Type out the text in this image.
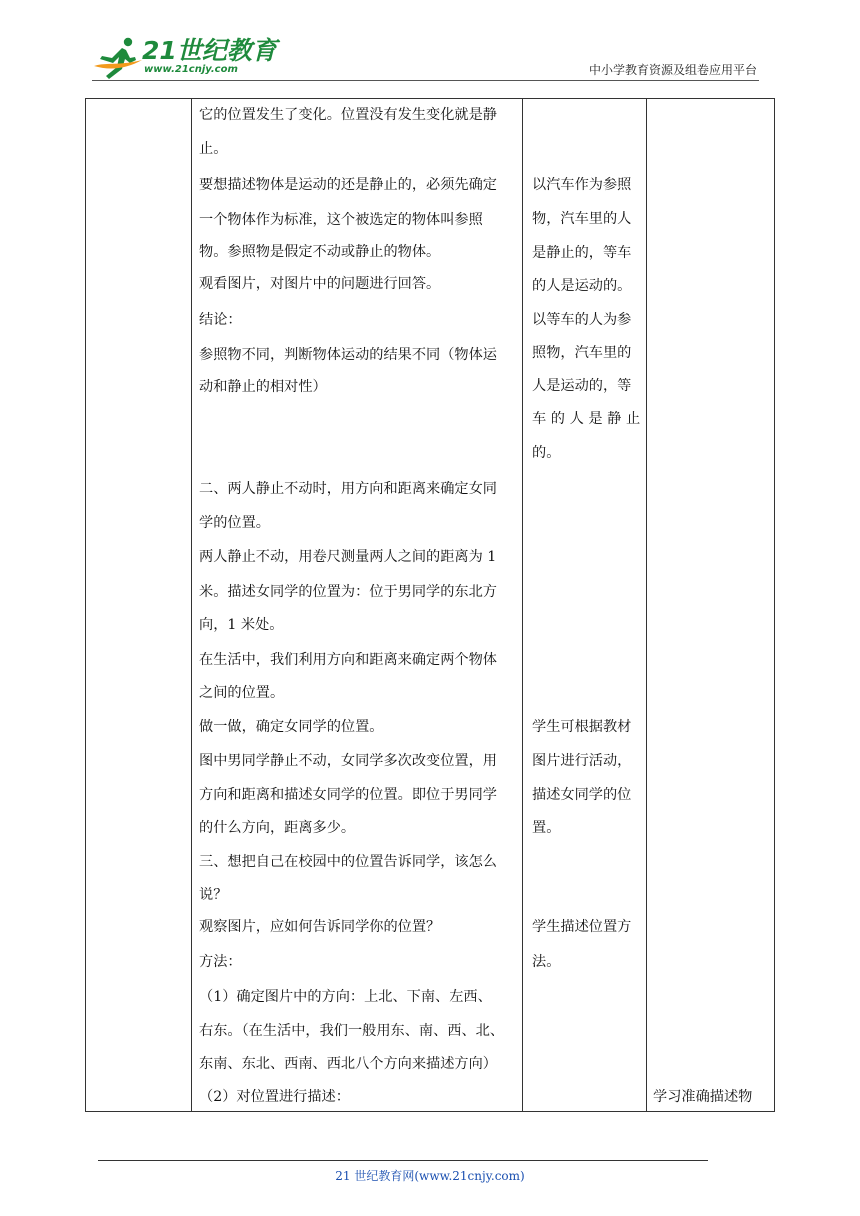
21世纪教育
www.21cnjy.com	中小学教育资源及组卷应用平台
它的位置发生了变化。位置没有发生变化就是静
止。
要想描述物体是运动的还是静止的，必须先确定
一个物体作为标准，这个被选定的物体叫参照
物。参照物是假定不动或静止的物体。
观看图片，对图片中的问题进行回答。
结论：
参照物不同，判断物体运动的结果不同（物体运
动和静止的相对性）
二、两人静止不动时，用方向和距离来确定女同
学的位置。
两人静止不动，用卷尺测量两人之间的距离为 1
米。描述女同学的位置为：位于男同学的东北方
向，1 米处。
在生活中，我们利用方向和距离来确定两个物体
之间的位置。
做一做，确定女同学的位置。
图中男同学静止不动，女同学多次改变位置，用
方向和距离和描述女同学的位置。即位于男同学
的什么方向，距离多少。
三、想把自己在校园中的位置告诉同学，该怎么
说？
观察图片，应如何告诉同学你的位置？
方法：
（1）确定图片中的方向：上北、下南、左西、
右东。（在生活中，我们一般用东、南、西、北、
东南、东北、西南、西北八个方向来描述方向）
（2）对位置进行描述：
以汽车作为参照
物，汽车里的人
是静止的，等车
的人是运动的。
以等车的人为参
照物，汽车里的
人是运动的，等
车的人是静止
的。
学生可根据教材
图片进行活动，
描述女同学的位
置。
学生描述位置方
法。
学习准确描述物
21 世纪教育网(www.21cnjy.com)
